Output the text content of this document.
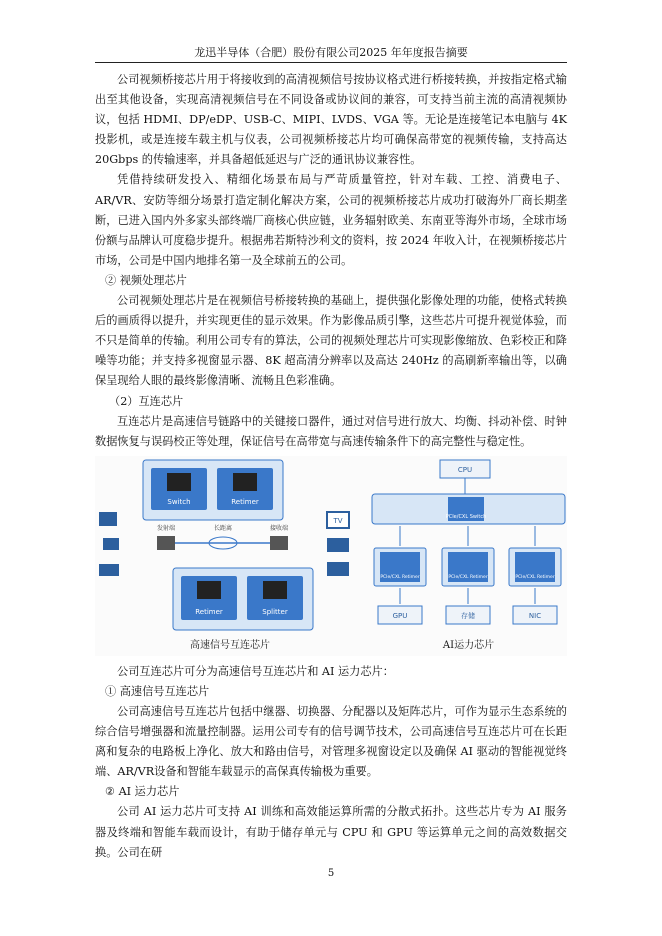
龙迅半导体（合肥）股份有限公司2025 年年度报告摘要

公司视频桥接芯片用于将接收到的高清视频信号按协议格式进行桥接转换，并按指定格式输出至其他设备，实现高清视频信号在不同设备或协议间的兼容，可支持当前主流的高清视频协议，包括 HDMI、DP/eDP、USB-C、MIPI、LVDS、VGA 等。无论是连接笔记本电脑与 4K 投影机，或是连接车载主机与仪表，公司视频桥接芯片均可确保高带宽的视频传输，支持高达 20Gbps 的传输速率，并具备超低延迟与广泛的通讯协议兼容性。

凭借持续研发投入、精细化场景布局与严苛质量管控，针对车载、工控、消费电子、AR/VR、安防等细分场景打造定制化解决方案，公司的视频桥接芯片成功打破海外厂商长期垄断，已进入国内外多家头部终端厂商核心供应链，业务辐射欧美、东南亚等海外市场，全球市场份额与品牌认可度稳步提升。根据弗若斯特沙利文的资料，按 2024 年收入计，在视频桥接芯片市场，公司是中国内地排名第一及全球前五的公司。

② 视频处理芯片

公司视频处理芯片是在视频信号桥接转换的基础上，提供强化影像处理的功能，使格式转换后的画质得以提升，并实现更佳的显示效果。作为影像品质引擎，这些芯片可提升视觉体验，而不只是简单的传输。利用公司专有的算法，公司的视频处理芯片可实现影像缩放、色彩校正和降噪等功能；并支持多视窗显示器、8K 超高清分辨率以及高达 240Hz 的高刷新率输出等，以确保呈现给人眼的最终影像清晰、流畅且色彩准确。

（2）互连芯片

互连芯片是高速信号链路中的关键接口器件，通过对信号进行放大、均衡、抖动补偿、时钟数据恢复与误码校正等处理，保证信号在高带宽与高速传输条件下的高完整性与稳定性。

Switch	Retimer
发射端	长距离	接收端
TV
Retimer	Splitter
高速信号互连芯片
CPU
PCIe/CXL Switch
PCIe/CXL Retimer	PCIe/CXL Retimer	PCIe/CXL Retimer
GPU	存储	NIC
AI运力芯片

公司互连芯片可分为高速信号互连芯片和 AI 运力芯片：

① 高速信号互连芯片

公司高速信号互连芯片包括中继器、切换器、分配器以及矩阵芯片，可作为显示生态系统的综合信号增强器和流量控制器。运用公司专有的信号调节技术，公司高速信号互连芯片可在长距离和复杂的电路板上净化、放大和路由信号，对管理多视窗设定以及确保 AI 驱动的智能视觉终端、AR/VR设备和智能车载显示的高保真传输极为重要。

② AI 运力芯片

公司 AI 运力芯片可支持 AI 训练和高效能运算所需的分散式拓扑。这些芯片专为 AI 服务器及终端和智能车载而设计，有助于储存单元与 CPU 和 GPU 等运算单元之间的高效数据交换。公司在研

5
